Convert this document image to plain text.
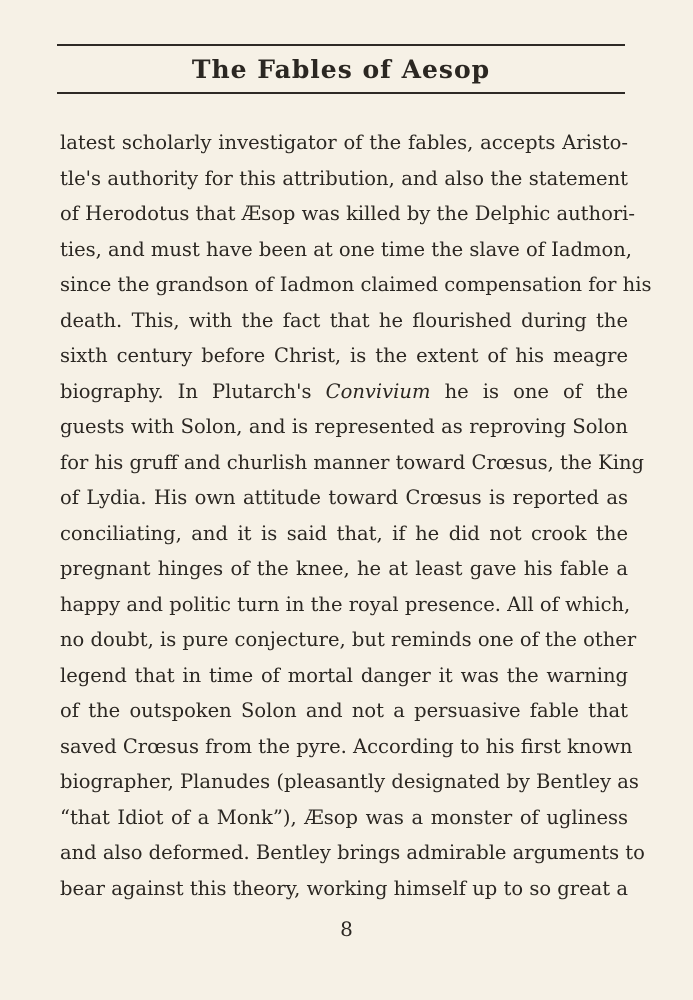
The Fables of Aesop
latest scholarly investigator of the fables, accepts Aristo-
tle's authority for this attribution, and also the statement
of Herodotus that Æsop was killed by the Delphic authori-
ties, and must have been at one time the slave of Iadmon,
since the grandson of Iadmon claimed compensation for his
death. This, with the fact that he flourished during the
sixth century before Christ, is the extent of his meagre
biography. In Plutarch's Convivium he is one of the
guests with Solon, and is represented as reproving Solon
for his gruff and churlish manner toward Crœsus, the King
of Lydia. His own attitude toward Crœsus is reported as
conciliating, and it is said that, if he did not crook the
pregnant hinges of the knee, he at least gave his fable a
happy and politic turn in the royal presence. All of which,
no doubt, is pure conjecture, but reminds one of the other
legend that in time of mortal danger it was the warning
of the outspoken Solon and not a persuasive fable that
saved Crœsus from the pyre. According to his first known
biographer, Planudes (pleasantly designated by Bentley as
“that Idiot of a Monk”), Æsop was a monster of ugliness
and also deformed. Bentley brings admirable arguments to
bear against this theory, working himself up to so great a
8
